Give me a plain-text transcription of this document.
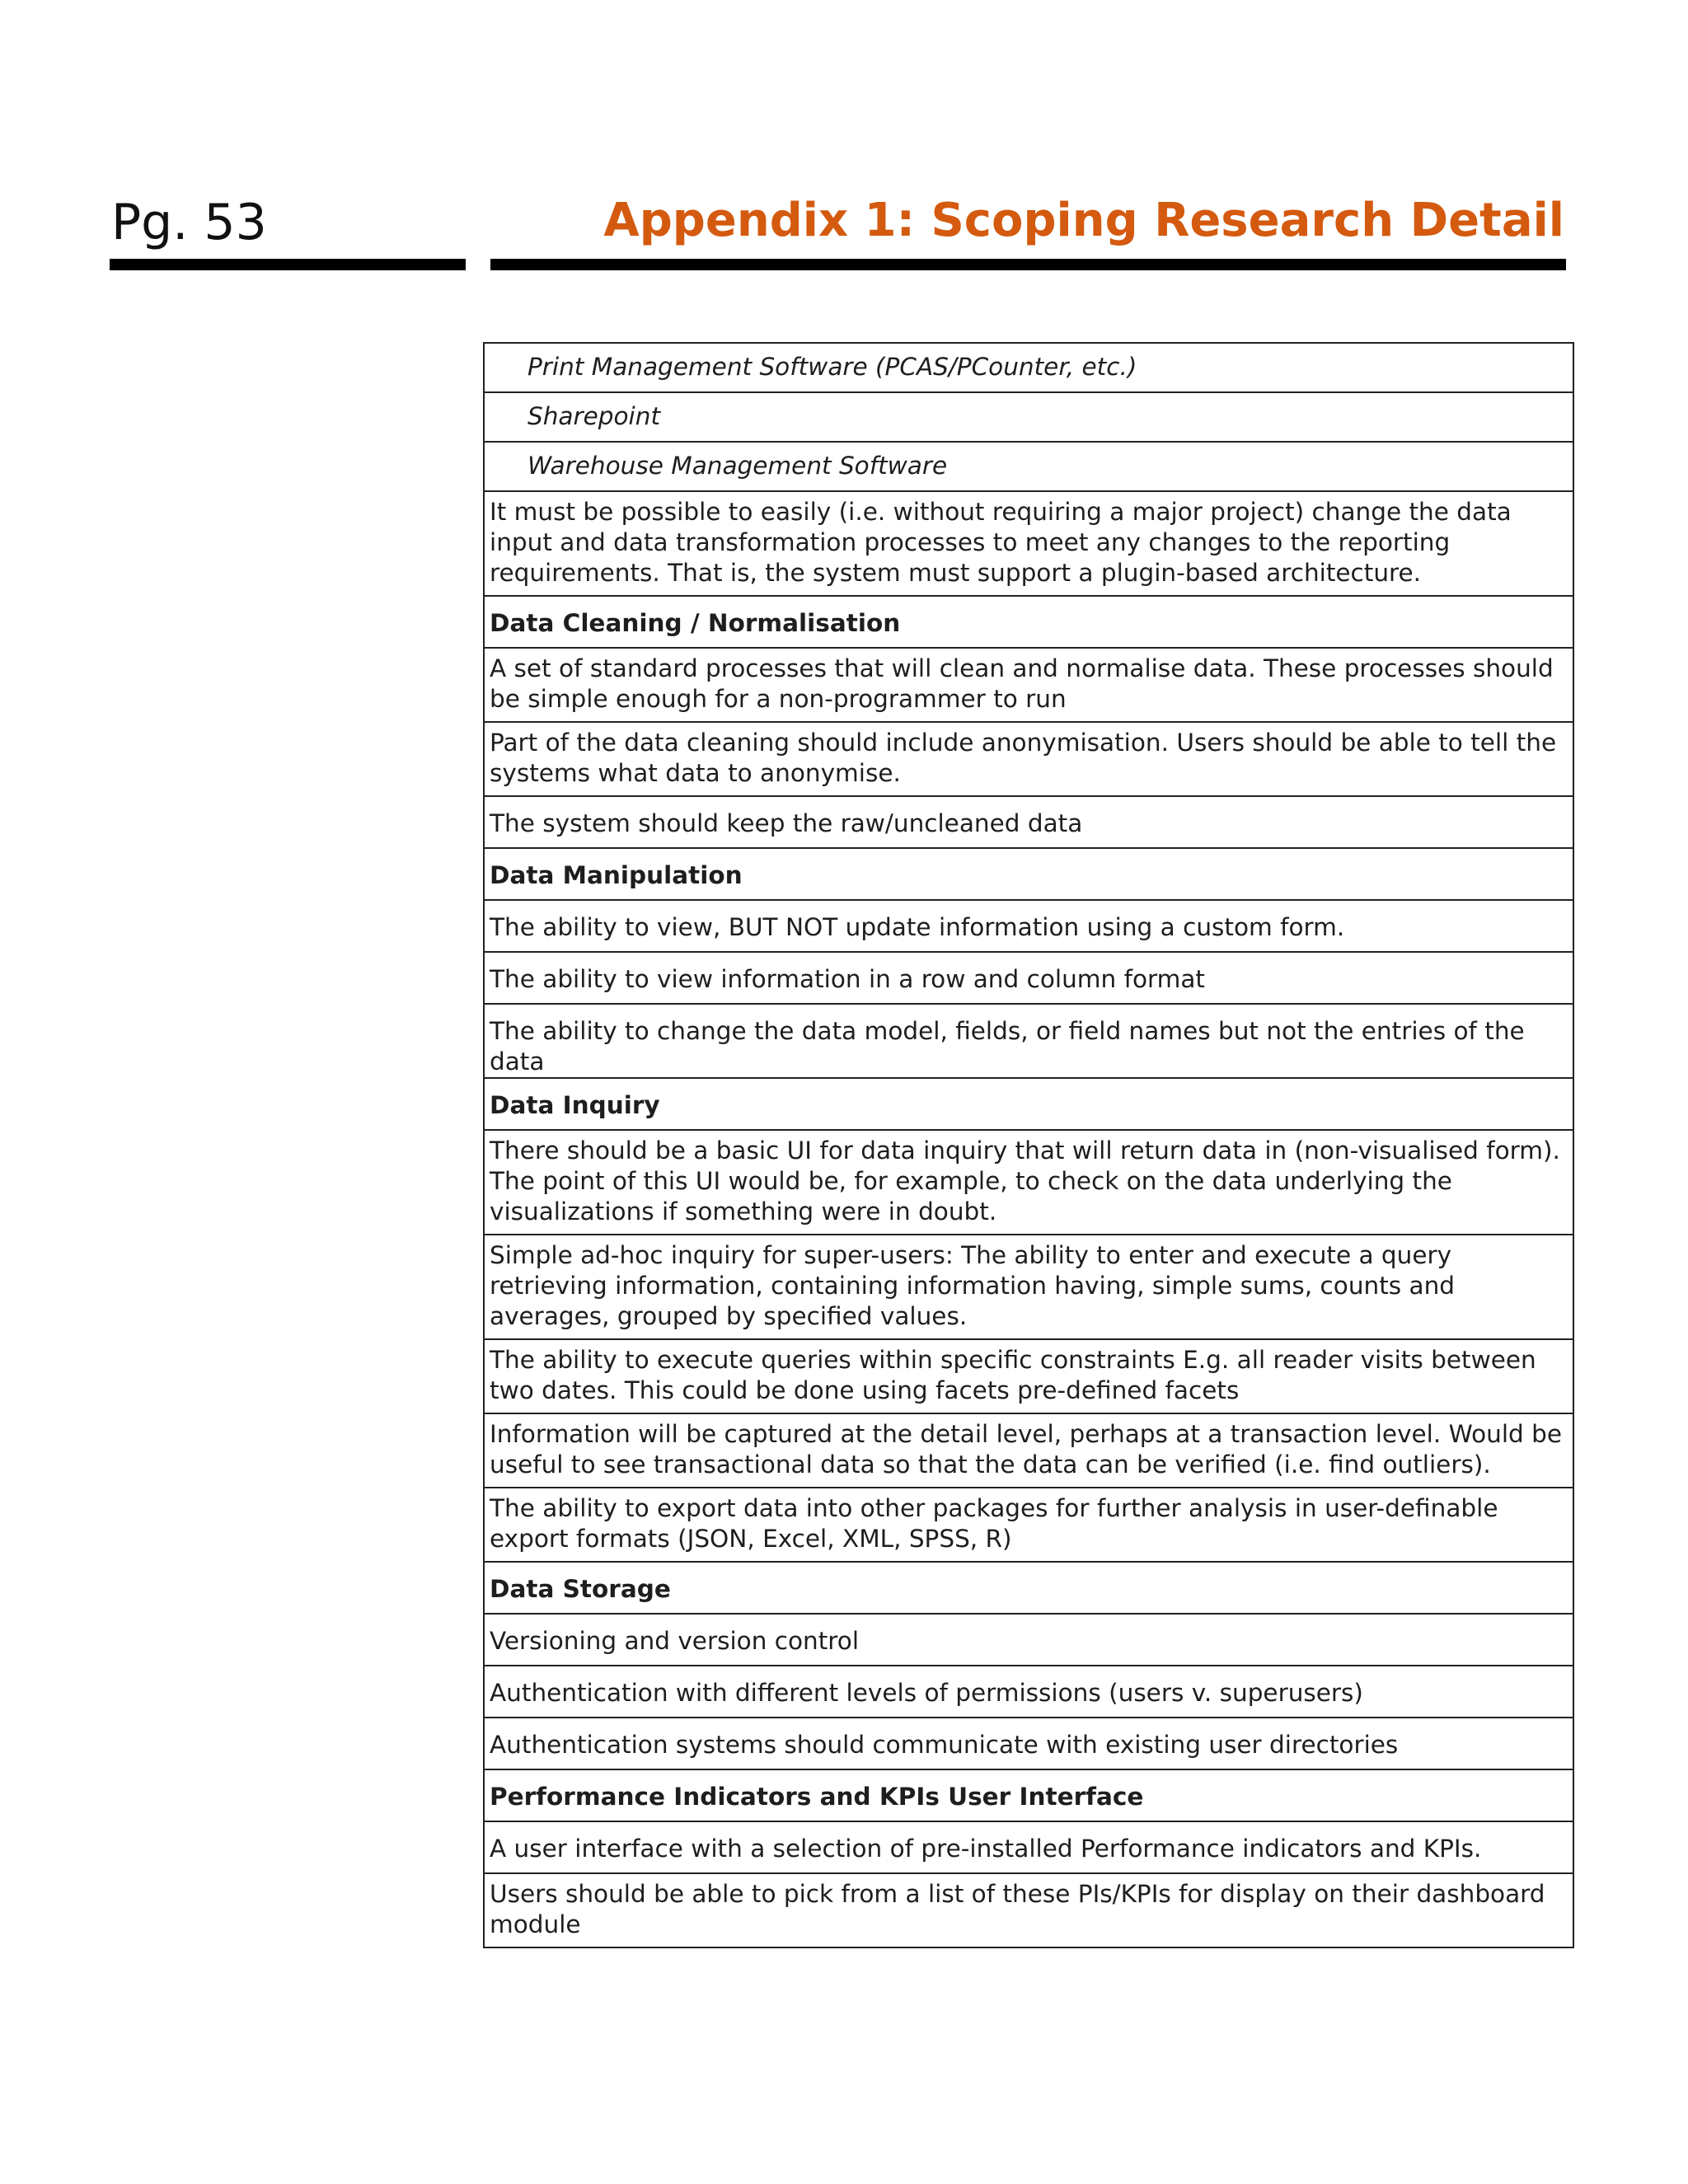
Pg. 53	Appendix 1: Scoping Research Detail
Print Management Software (PCAS/PCounter, etc.)
Sharepoint
Warehouse Management Software
It must be possible to easily (i.e. without requiring a major project) change the data input and data transformation processes to meet any changes to the reporting requirements. That is, the system must support a plugin-based architecture.
Data Cleaning / Normalisation
A set of standard processes that will clean and normalise data. These processes should be simple enough for a non-programmer to run
Part of the data cleaning should include anonymisation. Users should be able to tell the systems what data to anonymise.
The system should keep the raw/uncleaned data
Data Manipulation
The ability to view, BUT NOT update information using a custom form.
The ability to view information in a row and column format
The ability to change the data model, fields, or field names but not the entries of the data
Data Inquiry
There should be a basic UI for data inquiry that will return data in (non-visualised form). The point of this UI would be, for example, to check on the data underlying the visualizations if something were in doubt.
Simple ad-hoc inquiry for super-users: The ability to enter and execute a query retrieving information, containing information having, simple sums, counts and averages, grouped by specified values.
The ability to execute queries within specific constraints E.g. all reader visits between two dates. This could be done using facets pre-defined facets
Information will be captured at the detail level, perhaps at a transaction level. Would be useful to see transactional data so that the data can be verified (i.e. find outliers).
The ability to export data into other packages for further analysis in user-definable export formats (JSON, Excel, XML, SPSS, R)
Data Storage
Versioning and version control
Authentication with different levels of permissions (users v. superusers)
Authentication systems should communicate with existing user directories
Performance Indicators and KPIs User Interface
A user interface with a selection of pre-installed Performance indicators and KPIs.
Users should be able to pick from a list of these PIs/KPIs for display on their dashboard module
